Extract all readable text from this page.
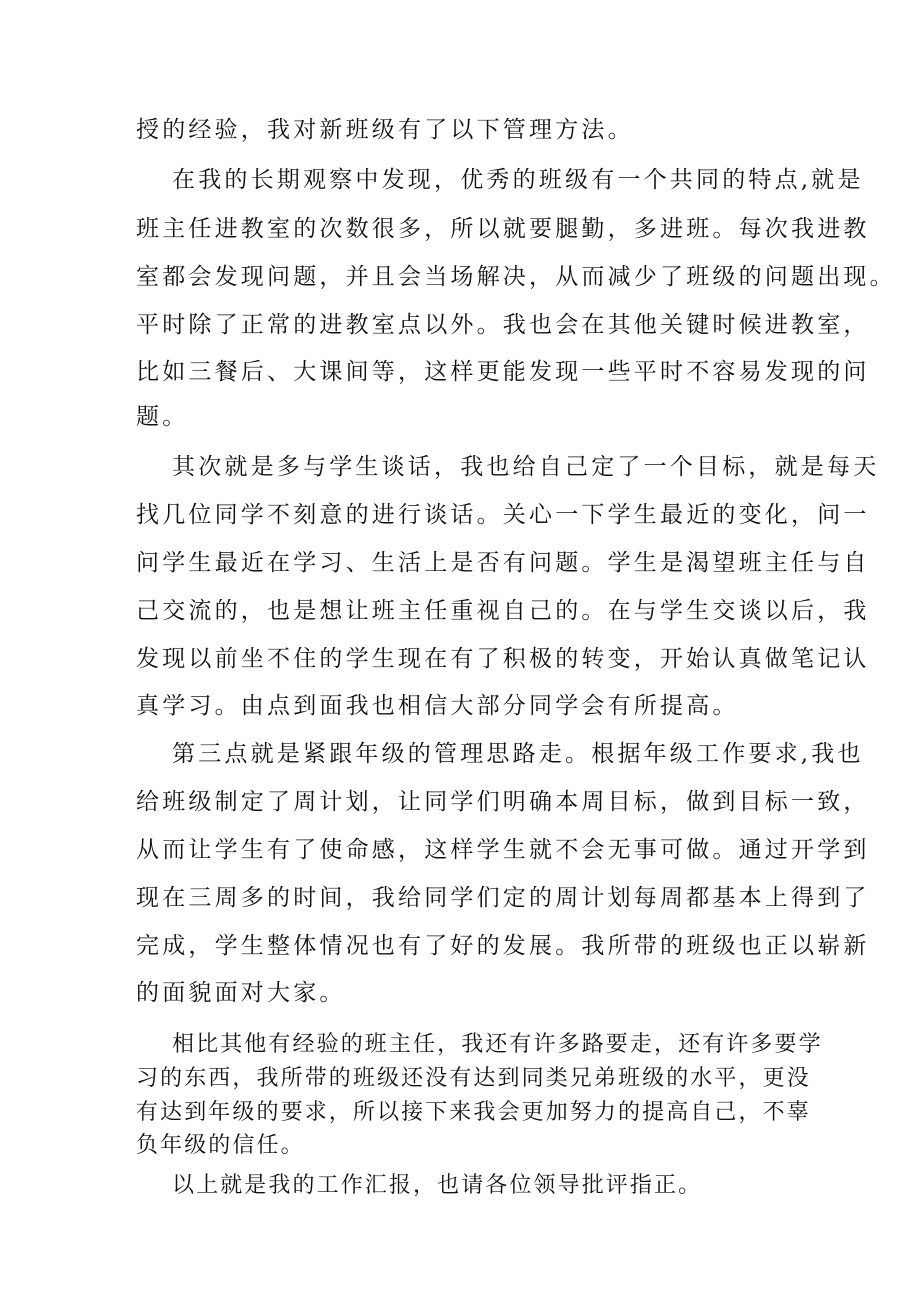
授的经验，我对新班级有了以下管理方法。
在我的长期观察中发现，优秀的班级有一个共同的特点,就是
班主任进教室的次数很多，所以就要腿勤，多进班。每次我进教
室都会发现问题，并且会当场解决，从而减少了班级的问题出现。
平时除了正常的进教室点以外。我也会在其他关键时候进教室，
比如三餐后、大课间等，这样更能发现一些平时不容易发现的问
题。
其次就是多与学生谈话，我也给自己定了一个目标，就是每天
找几位同学不刻意的进行谈话。关心一下学生最近的变化，问一
问学生最近在学习、生活上是否有问题。学生是渴望班主任与自
己交流的，也是想让班主任重视自己的。在与学生交谈以后，我
发现以前坐不住的学生现在有了积极的转变，开始认真做笔记认
真学习。由点到面我也相信大部分同学会有所提高。
第三点就是紧跟年级的管理思路走。根据年级工作要求,我也
给班级制定了周计划，让同学们明确本周目标，做到目标一致，
从而让学生有了使命感，这样学生就不会无事可做。通过开学到
现在三周多的时间，我给同学们定的周计划每周都基本上得到了
完成，学生整体情况也有了好的发展。我所带的班级也正以崭新
的面貌面对大家。
相比其他有经验的班主任，我还有许多路要走，还有许多要学
习的东西，我所带的班级还没有达到同类兄弟班级的水平，更没
有达到年级的要求，所以接下来我会更加努力的提高自己，不辜
负年级的信任。
以上就是我的工作汇报，也请各位领导批评指正。
